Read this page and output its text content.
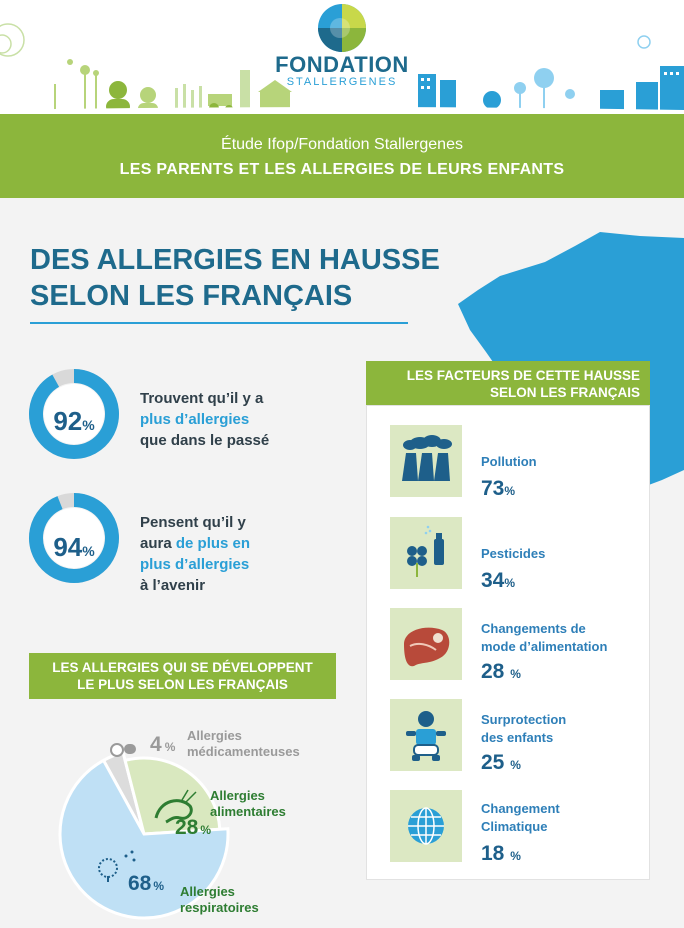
FONDATION
STALLERGENES
Étude Ifop/Fondation Stallergenes
LES PARENTS ET LES ALLERGIES DE LEURS ENFANTS
DES ALLERGIES EN HAUSSE
SELON LES FRANÇAIS
92%
94%
Trouvent qu’il y a
plus d’allergies
que dans le passé
Pensent qu’il y
aura de plus en
plus d’allergies
à l’avenir
LES FACTEURS DE CETTE HAUSSE
SELON LES FRANÇAIS
Pollution
73%
Pesticides
34%
Changements de
mode d’alimentation
28 %
Surprotection
des enfants
25 %
Changement
Climatique
18 %
LES ALLERGIES QUI SE DÉVELOPPENT
LE PLUS SELON LES FRANÇAIS
4 %
Allergies
médicamenteuses
Allergies
alimentaires
28 %
68 % Allergies
respiratoires
